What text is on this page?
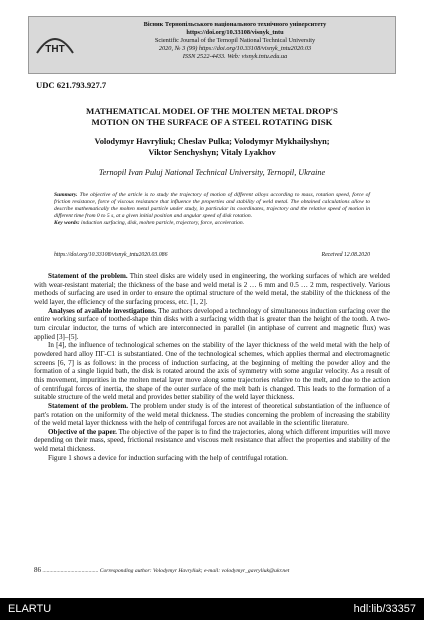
ТНТ
Вісник Тернопільського національного технічного університету
https://doi.org/10.33108/visnyk_tntu
Scientific Journal of the Ternopil National Technical University
2020, № 3 (99) https://doi.org/10.33108/visnyk_tntu2020.03
ISSN 2522-4433. Web: visnyk.tntu.edu.ua
UDC 621.793.927.7
MATHEMATICAL MODEL OF THE MOLTEN METAL DROP'S
MOTION ON THE SURFACE OF A STEEL ROTATING DISK
Volodymyr Havryliuk; Cheslav Pulka; Volodymyr Mykhailyshyn;
Viktor Senchyshyn; Vitaly Lyakhov
Ternopil Ivan Puluj National Technical University, Ternopil, Ukraine
Summary. The objective of the article is to study the trajectory of motion of different alloys according to mass, rotation speed, force of friction resistance, force of viscous resistance that influence the properties and stability of weld metal. The obtained calculations allow to describe mathematically the molten metal particle under study, in particular its coordinates, trajectory and the relative speed of motion in different time from 0 to 5 s, at a given initial position and angular speed of disk rotation.
Key words: induction surfacing, disk, molten particle, trajectory, force, acceleration.
https://doi.org/10.33108/visnyk_tntu2020.03.086	Received 12.08.2020

Statement of the problem. Thin steel disks are widely used in engineering, the working surfaces of which are welded with wear-resistant material; the thickness of the base and weld metal is 2 … 6 mm and 0.5 … 2 mm, respectively. Various methods of surfacing are used in order to ensure the optimal structure of the weld metal, the stability of the thickness of the weld layer, the efficiency of the surfacing process, etc. [1, 2].

Analyses of available investigations. The authors developed a technology of simultaneous induction surfacing over the entire working surface of toothed-shape thin disks with a surfacing width that is greater than the height of the tooth. A two-turn circular inductor, the turns of which are interconnected in parallel (in antiphase of current and magnetic flux) was applied [3]–[5].

In [4], the influence of technological schemes on the stability of the layer thickness of the weld metal with the help of powdered hard alloy ПГ-С1 is substantiated. One of the technological schemes, which applies thermal and electromagnetic screens [6, 7] is as follows: in the process of induction surfacing, at the beginning of melting the powder alloy and the formation of a single liquid bath, the disk is rotated around the axis of symmetry with some angular velocity. As a result of this movement, impurities in the molten metal layer move along some trajectories relative to the melt, and due to the action of centrifugal forces of inertia, the shape of the outer surface of the melt bath is changed. This leads to the formation of a suitable structure of the weld metal and provides better stability of the weld layer thickness.

Statement of the problem. The problem under study is of the interest of theoretical substantiation of the influence of part's rotation on the uniformity of the weld metal thickness. The studies concerning the problem of increasing the stability of the weld metal layer thickness with the help of centrifugal forces are not available in the scientific literature.

Objective of the paper. The objective of the paper is to find the trajectories, along which different impurities will move depending on their mass, speed, frictional resistance and viscous melt resistance that affect the properties and stability of the weld metal thickness.

Figure 1 shows a device for induction surfacing with the help of centrifugal rotation.

86 ........................................ Corresponding author: Volodymyr Havryliuk; e-mail: volodymyr_gavryliuk@ukr.net
ELARTU	hdl:lib/33357
